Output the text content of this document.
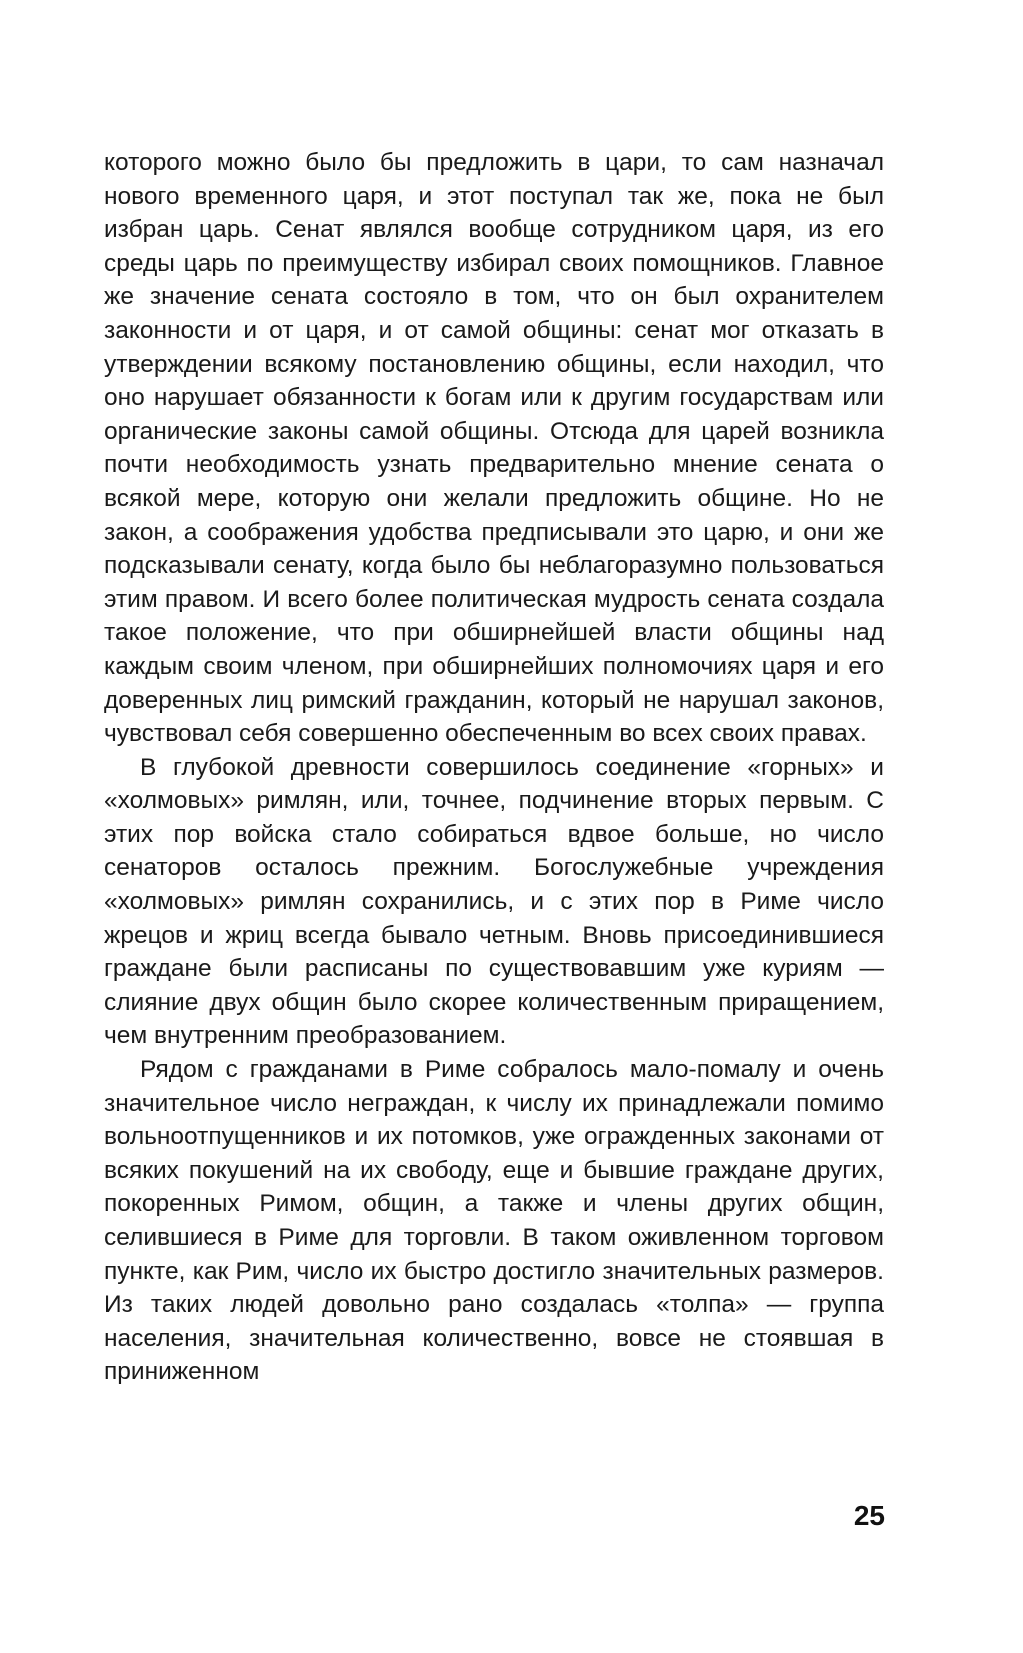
которого можно было бы предложить в цари, то сам назначал нового временного царя, и этот поступал так же, пока не был избран царь. Сенат являлся вообще сотрудником царя, из его среды царь по преимуществу избирал своих помощников. Главное же значение сената состояло в том, что он был охранителем законности и от царя, и от самой общины: сенат мог отказать в утверждении всякому постановлению общины, если находил, что оно нарушает обязанности к богам или к другим государствам или органические законы самой общины. Отсюда для царей возникла почти необходимость узнать предварительно мнение сената о всякой мере, которую они желали предложить общине. Но не закон, а соображения удобства предписывали это царю, и они же подсказывали сенату, когда было бы неблагоразумно пользоваться этим правом. И всего более политическая мудрость сената создала такое положение, что при обширнейшей власти общины над каждым своим членом, при обширнейших полномочиях царя и его доверенных лиц римский гражданин, который не нарушал законов, чувствовал себя совершенно обеспеченным во всех своих правах.

В глубокой древности совершилось соединение «горных» и «холмовых» римлян, или, точнее, подчинение вторых первым. С этих пор войска стало собираться вдвое больше, но число сенаторов осталось прежним. Богослужебные учреждения «холмовых» римлян сохранились, и с этих пор в Риме число жрецов и жриц всегда бывало четным. Вновь присоединившиеся граждане были расписаны по существовавшим уже куриям — слияние двух общин было скорее количественным приращением, чем внутренним преобразованием.

Рядом с гражданами в Риме собралось мало-помалу и очень значительное число неграждан, к числу их принадлежали помимо вольноотпущенников и их потомков, уже огражденных законами от всяких покушений на их свободу, еще и бывшие граждане других, покоренных Римом, общин, а также и члены других общин, селившиеся в Риме для торговли. В таком оживленном торговом пункте, как Рим, число их быстро достигло значительных размеров. Из таких людей довольно рано создалась «толпа» — группа населения, значительная количественно, вовсе не стоявшая в приниженном

25
